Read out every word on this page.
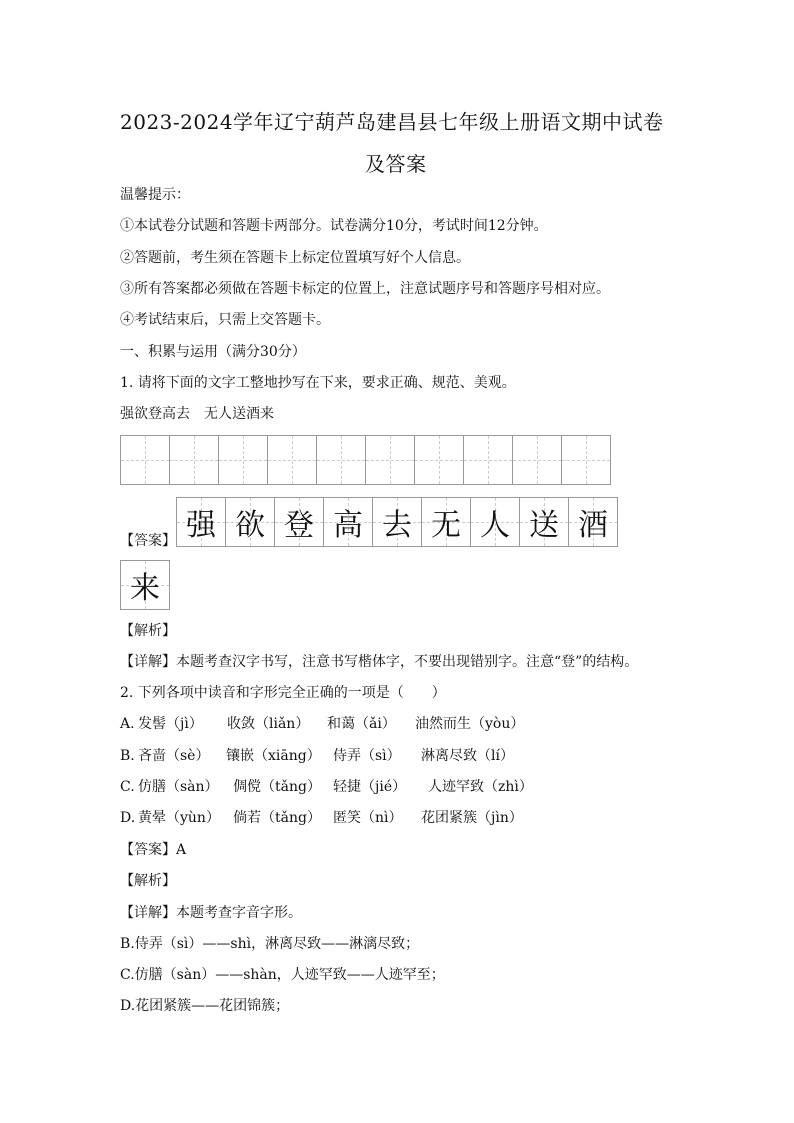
2023-2024学年辽宁葫芦岛建昌县七年级上册语文期中试卷
及答案
温馨提示：
①本试卷分试题和答题卡两部分。试卷满分10分，考试时间12分钟。
②答题前，考生须在答题卡上标定位置填写好个人信息。
③所有答案都必须做在答题卡标定的位置上，注意试题序号和答题序号相对应。
④考试结束后，只需上交答题卡。
一、积累与运用（满分30分）
1. 请将下面的文字工整地抄写在下来，要求正确、规范、美观。
强欲登高去　无人送酒来
【答案】 强 欲 登 高 去 无 人 送 酒
来
【解析】
【详解】本题考查汉字书写，注意书写楷体字，不要出现错别字。注意“登”的结构。
2. 下列各项中读音和字形完全正确的一项是（　　）
A. 发髻（jì） 收敛（liǎn） 和蔼（ǎi） 油然而生（yòu）
B. 吝啬（sè） 镶嵌（xiāng） 侍弄（sì） 淋离尽致（lí）
C. 仿膳（sàn） 倜傥（tǎng） 轻捷（jié） 人迹罕致（zhì）
D. 黄晕（yùn） 倘若（tǎng） 匿笑（nì） 花团紧簇（jìn）
【答案】A
【解析】
【详解】本题考查字音字形。
B.侍弄（sì）——shì，淋离尽致——淋漓尽致；
C.仿膳（sàn）——shàn，人迹罕致——人迹罕至；
D.花团紧簇——花团锦簇；
